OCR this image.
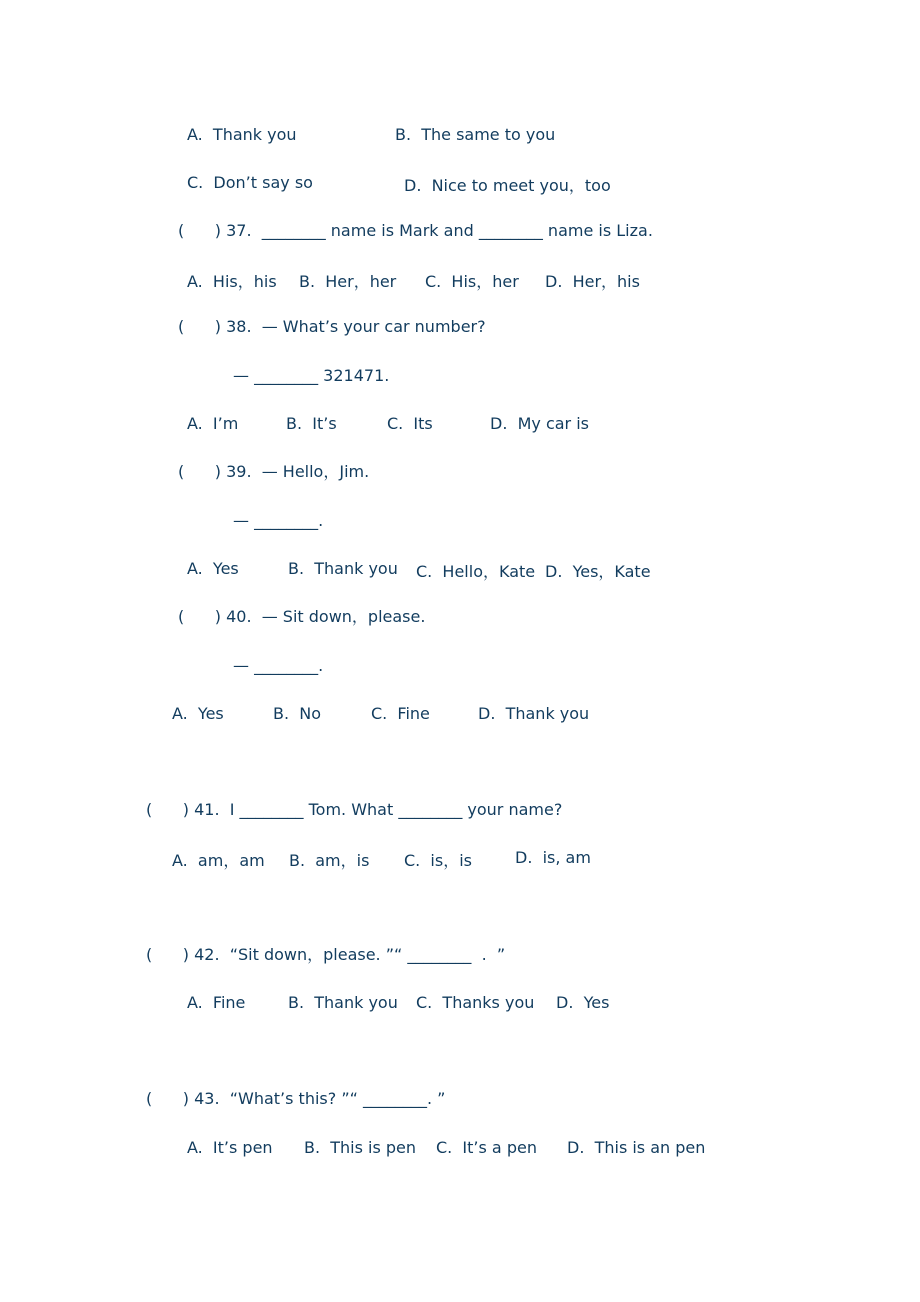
A.  Thank you	B.  The same to you
C.  Don’t say so	D.  Nice to meet you，too
(      ) 37.  ________ name is Mark and ________ name is Liza.
A.  His，his B.  Her，her C.  His，her D.  Her，his
(      ) 38.  — What’s your car number?
— ________ 321471.
A.  I’m	B.  It’s	C.  Its	D.  My car is
(      ) 39.  — Hello，Jim.
— ________.
A.  Yes	B.  Thank you C.  Hello，Kate D.  Yes，Kate
(      ) 40.  — Sit down，please.
— ________.
A.  Yes	B.  No	C.  Fine	D.  Thank you
(      ) 41.  I ________ Tom. What ________ your name?
A.  am，am B.  am，is C.  is，is	D.  is, am
(      ) 42.  “Sit down，please. ”“ ________  .  ”
A.  Fine	B.  Thank you C.  Thanks you D.  Yes
(      ) 43.  “What’s this? ”“ ________. ”
A.  It’s pen B.  This is pen C.  It’s a pen D.  This is an pen
